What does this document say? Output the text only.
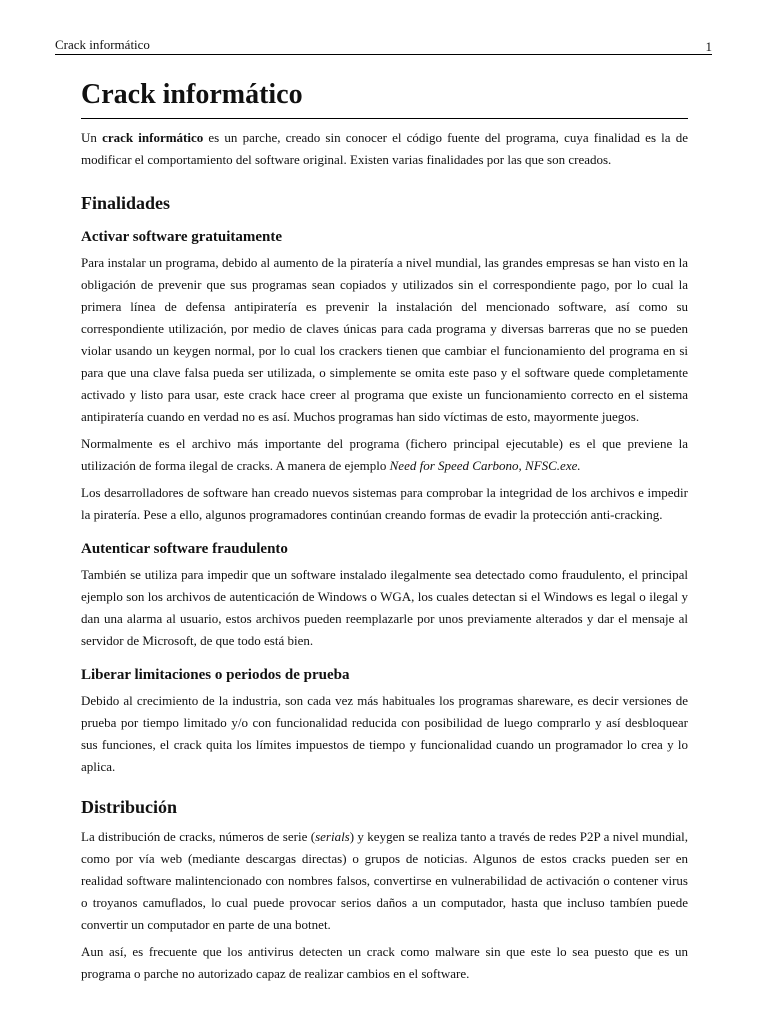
Crack informático	1
Crack informático

Un crack informático es un parche, creado sin conocer el código fuente del programa, cuya finalidad es la de modificar el comportamiento del software original. Existen varias finalidades por las que son creados.

Finalidades
Activar software gratuitamente

Para instalar un programa, debido al aumento de la piratería a nivel mundial, las grandes empresas se han visto en la obligación de prevenir que sus programas sean copiados y utilizados sin el correspondiente pago, por lo cual la primera línea de defensa antipiratería es prevenir la instalación del mencionado software, así como su correspondiente utilización, por medio de claves únicas para cada programa y diversas barreras que no se pueden violar usando un keygen normal, por lo cual los crackers tienen que cambiar el funcionamiento del programa en si para que una clave falsa pueda ser utilizada, o simplemente se omita este paso y el software quede completamente activado y listo para usar, este crack hace creer al programa que existe un funcionamiento correcto en el sistema antipiratería cuando en verdad no es así. Muchos programas han sido víctimas de esto, mayormente juegos.

Normalmente es el archivo más importante del programa (fichero principal ejecutable) es el que previene la utilización de forma ilegal de cracks. A manera de ejemplo Need for Speed Carbono, NFSC.exe.

Los desarrolladores de software han creado nuevos sistemas para comprobar la integridad de los archivos e impedir la piratería. Pese a ello, algunos programadores continúan creando formas de evadir la protección anti-cracking.

Autenticar software fraudulento

También se utiliza para impedir que un software instalado ilegalmente sea detectado como fraudulento, el principal ejemplo son los archivos de autenticación de Windows o WGA, los cuales detectan si el Windows es legal o ilegal y dan una alarma al usuario, estos archivos pueden reemplazarle por unos previamente alterados y dar el mensaje al servidor de Microsoft, de que todo está bien.

Liberar limitaciones o periodos de prueba

Debido al crecimiento de la industria, son cada vez más habituales los programas shareware, es decir versiones de prueba por tiempo limitado y/o con funcionalidad reducida con posibilidad de luego comprarlo y así desbloquear sus funciones, el crack quita los límites impuestos de tiempo y funcionalidad cuando un programador lo crea y lo aplica.

Distribución

La distribución de cracks, números de serie (serials) y keygen se realiza tanto a través de redes P2P a nivel mundial, como por vía web (mediante descargas directas) o grupos de noticias. Algunos de estos cracks pueden ser en realidad software malintencionado con nombres falsos, convertirse en vulnerabilidad de activación o contener virus o troyanos camuflados, lo cual puede provocar serios daños a un computador, hasta que incluso tambíen puede convertir un computador en parte de una botnet.

Aun así, es frecuente que los antivirus detecten un crack como malware sin que este lo sea puesto que es un programa o parche no autorizado capaz de realizar cambios en el software.
